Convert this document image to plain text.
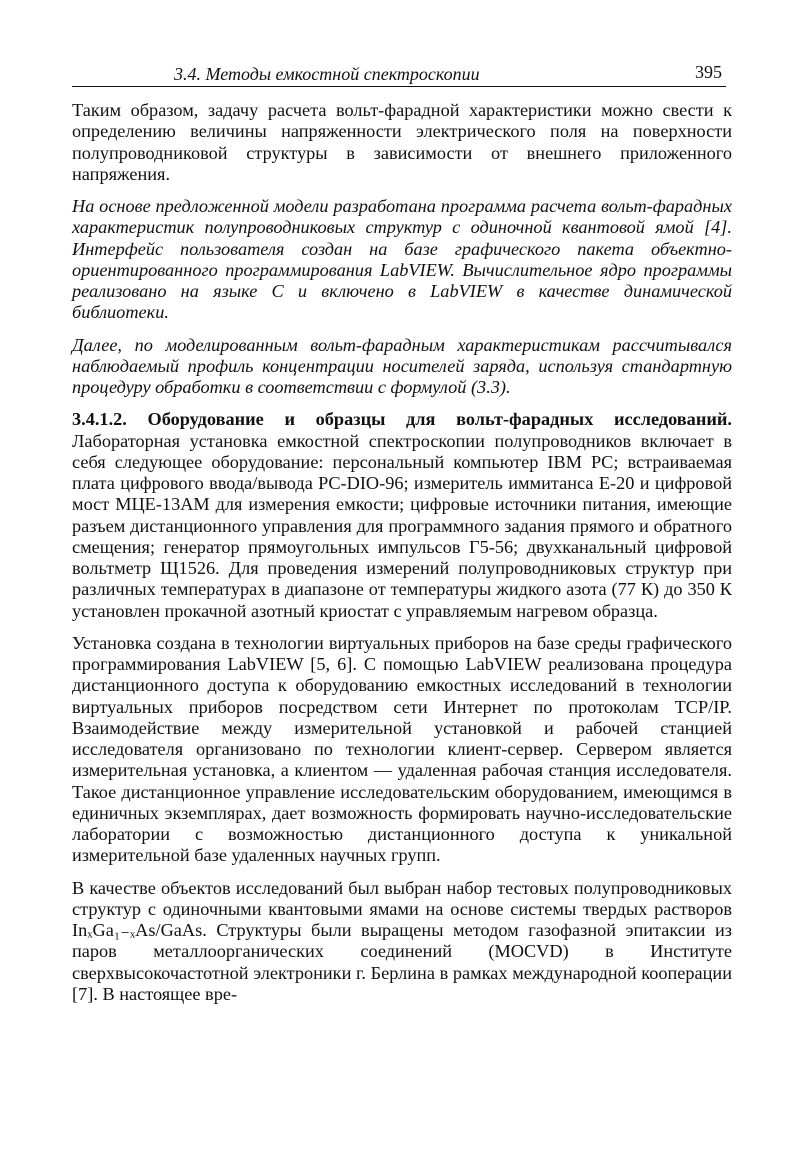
3.4. Методы емкостной спектроскопии	395

Таким образом, задачу расчета вольт-фарадной характеристики можно свести к определению величины напряженности электрического поля на поверхности полупроводниковой структуры в зависимости от внешнего приложенного напряжения.

На основе предложенной модели разработана программа расчета вольт-фарадных характеристик полупроводниковых структур с одиночной квантовой ямой [4]. Интерфейс пользователя создан на базе графического пакета объектно-ориентированного программирования LabVIEW. Вычислительное ядро программы реализовано на языке С и включено в LabVIEW в качестве динамической библиотеки.

Далее, по моделированным вольт-фарадным характеристикам рассчитывался наблюдаемый профиль концентрации носителей заряда, используя стандартную процедуру обработки в соответствии с формулой (3.3).

3.4.1.2. Оборудование и образцы для вольт-фарадных исследований. Лабораторная установка емкостной спектроскопии полупроводников включает в себя следующее оборудование: персональный компьютер IBM PC; встраиваемая плата цифрового ввода/вывода PC-DIO-96; измеритель иммитанса Е-20 и цифровой мост МЦЕ-13АМ для измерения емкости; цифровые источники питания, имеющие разъем дистанционного управления для программного задания прямого и обратного смещения; генератор прямоугольных импульсов Г5-56; двухканальный цифровой вольтметр Щ1526. Для проведения измерений полупроводниковых структур при различных температурах в диапазоне от температуры жидкого азота (77 К) до 350 К установлен прокачной азотный криостат с управляемым нагревом образца.

Установка создана в технологии виртуальных приборов на базе среды графического программирования LabVIEW [5, 6]. С помощью LabVIEW реализована процедура дистанционного доступа к оборудованию емкостных исследований в технологии виртуальных приборов посредством сети Интернет по протоколам TCP/IP. Взаимодействие между измерительной установкой и рабочей станцией исследователя организовано по технологии клиент-сервер. Сервером является измерительная установка, а клиентом — удаленная рабочая станция исследователя. Такое дистанционное управление исследовательским оборудованием, имеющимся в единичных экземплярах, дает возможность формировать научно-исследовательские лаборатории с возможностью дистанционного доступа к уникальной измерительной базе удаленных научных групп.

В качестве объектов исследований был выбран набор тестовых полупроводниковых структур с одиночными квантовыми ямами на основе системы твердых растворов InₓGa₁₋ₓAs/GaAs. Структуры были выращены методом газофазной эпитаксии из паров металлоорганических соединений (MOCVD) в Институте сверхвысокочастотной электроники г. Берлина в рамках международной кооперации [7]. В настоящее вре-
